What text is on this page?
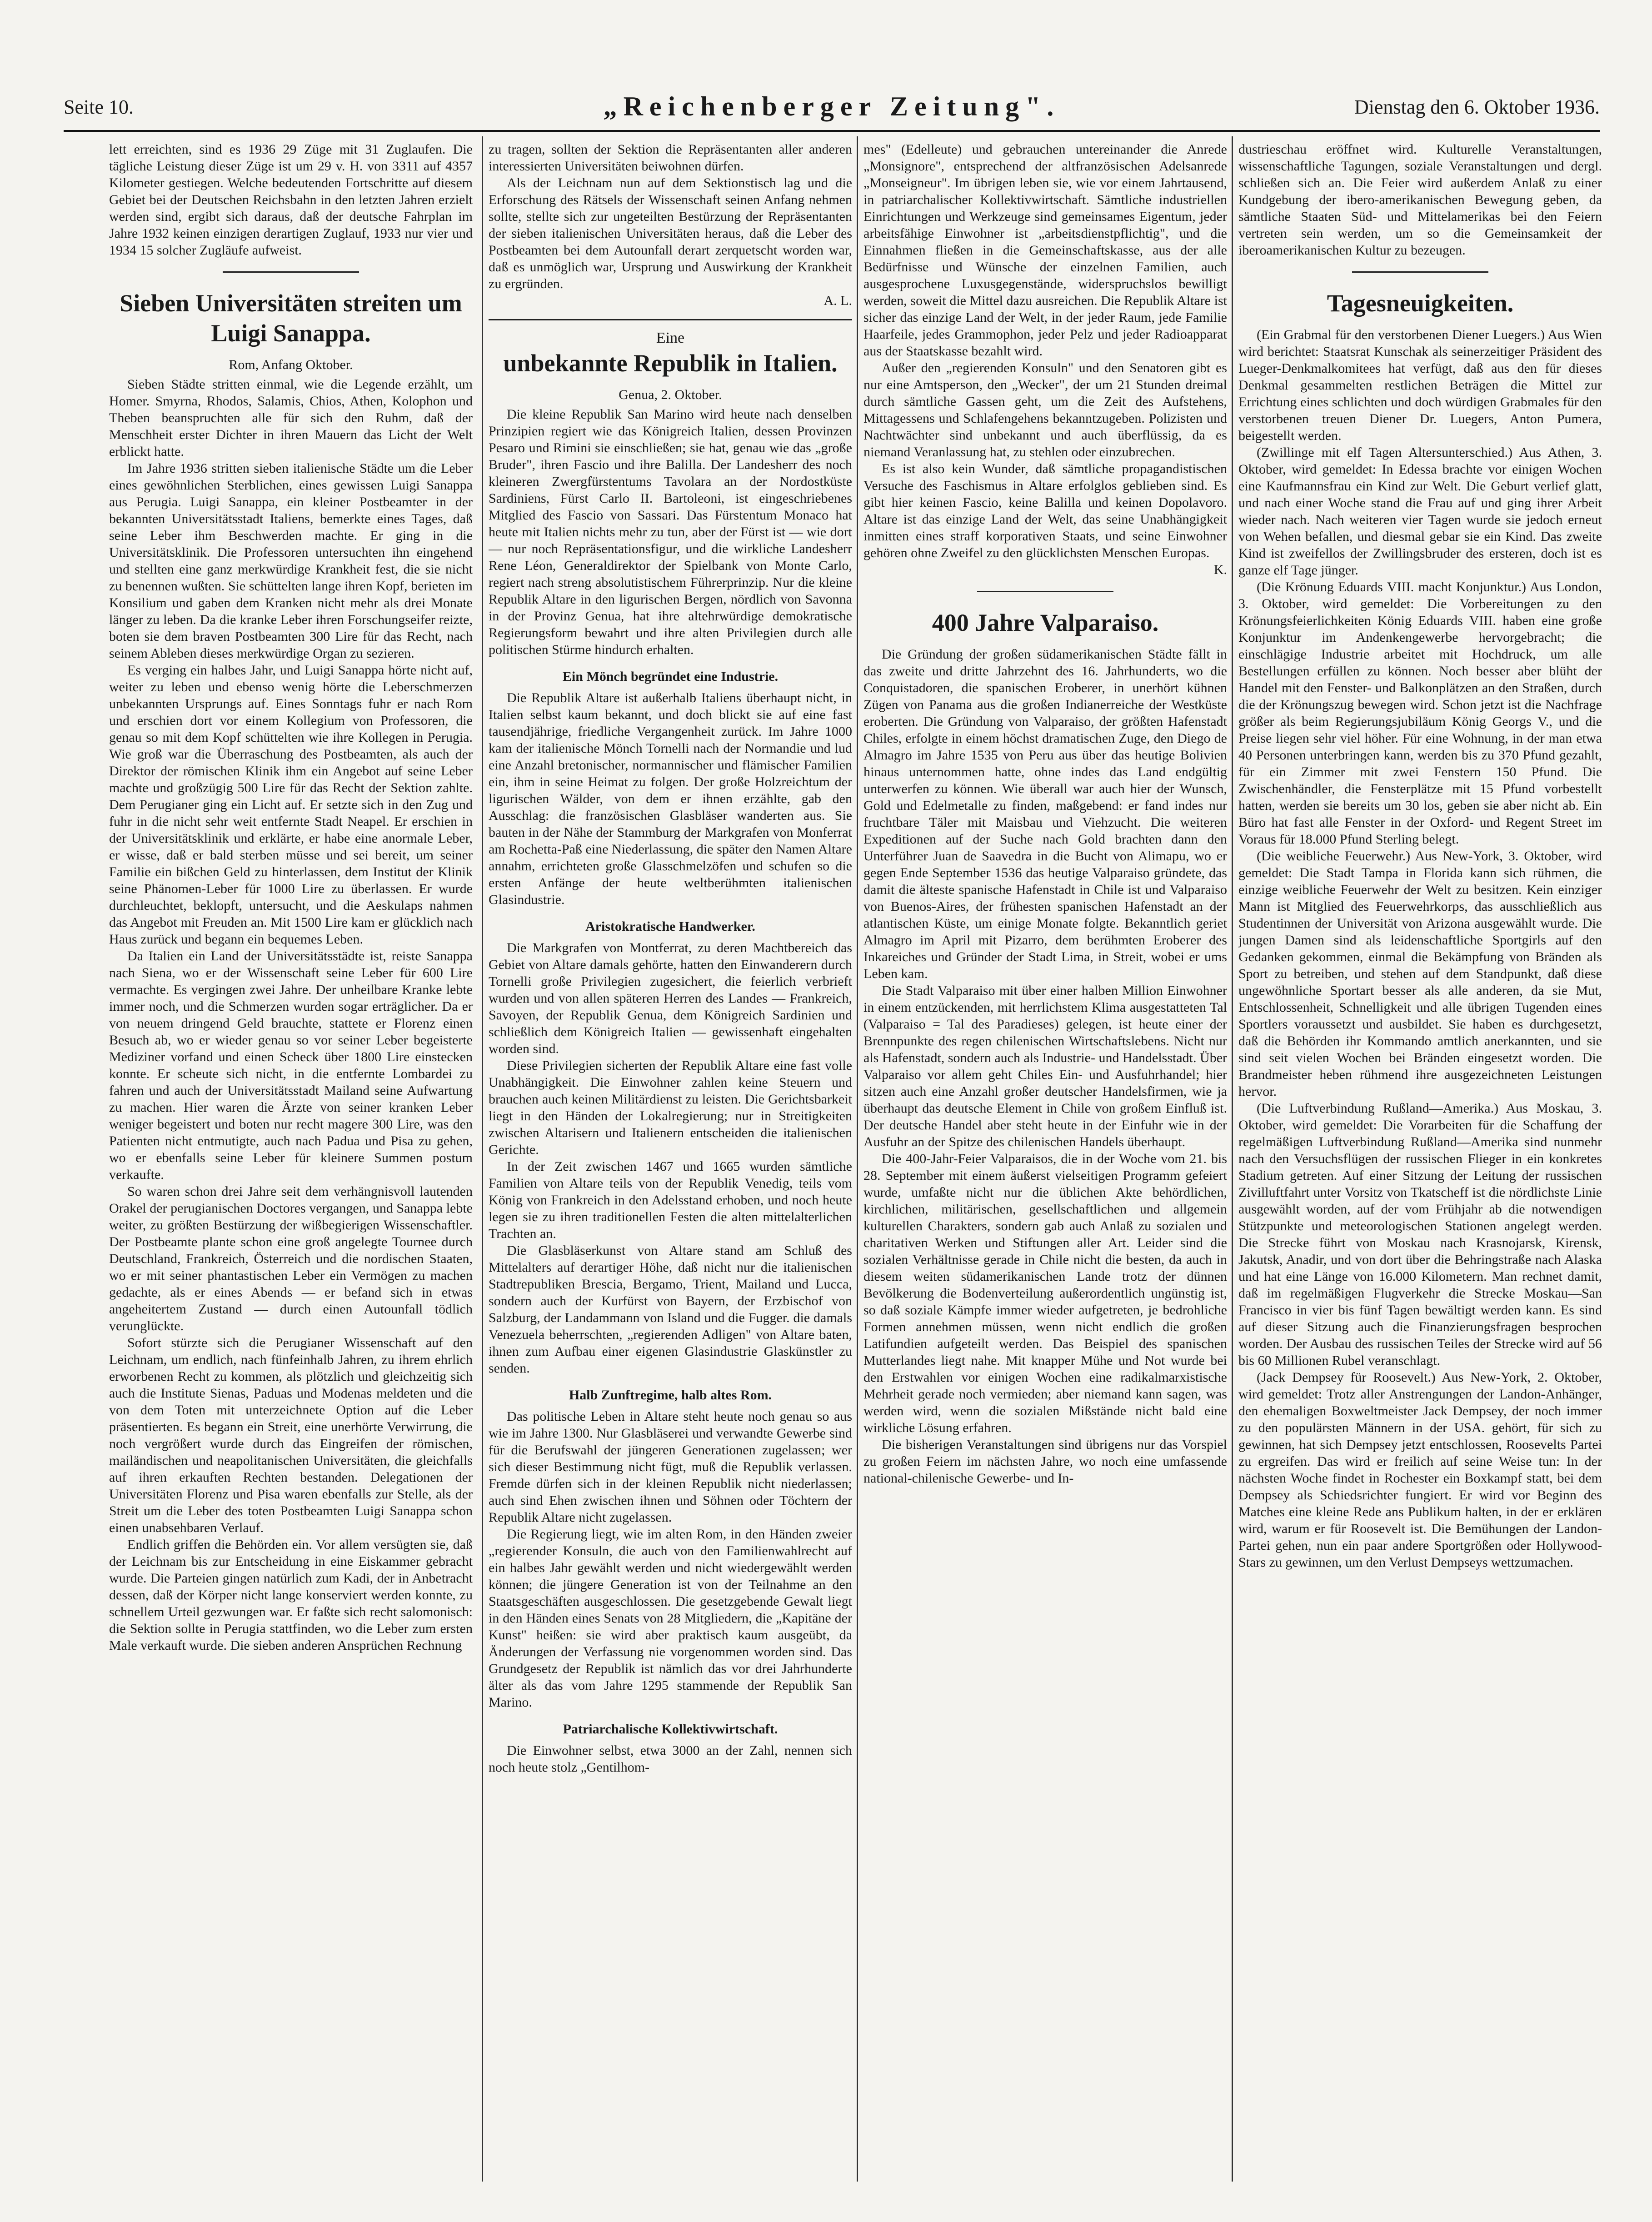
Seite 10.	„Reichenberger Zeitung".	Dienstag den 6. Oktober 1936.

lett erreichten, sind es 1936 29 Züge mit 31 Zuglaufen. Die tägliche Leistung dieser Züge ist um 29 v. H. von 3311 auf 4357 Kilometer gestiegen. Welche bedeutenden Fortschritte auf diesem Gebiet bei der Deutschen Reichsbahn in den letzten Jahren erzielt werden sind, ergibt sich daraus, daß der deutsche Fahrplan im Jahre 1932 keinen einzigen derartigen Zuglauf, 1933 nur vier und 1934 15 solcher Zugläufe aufweist.

Sieben Universitäten streiten um Luigi Sanappa.
Rom, Anfang Oktober.

Sieben Städte stritten einmal, wie die Legende erzählt, um Homer. Smyrna, Rhodos, Salamis, Chios, Athen, Kolophon und Theben beanspruchten alle für sich den Ruhm, daß der Menschheit erster Dichter in ihren Mauern das Licht der Welt erblickt hatte.

Im Jahre 1936 stritten sieben italienische Städte um die Leber eines gewöhnlichen Sterblichen, eines gewissen Luigi Sanappa aus Perugia. Luigi Sanappa, ein kleiner Postbeamter in der bekannten Universitätsstadt Italiens, bemerkte eines Tages, daß seine Leber ihm Beschwerden machte. Er ging in die Universitätsklinik. Die Professoren untersuchten ihn eingehend und stellten eine ganz merkwürdige Krankheit fest, die sie nicht zu benennen wußten. Sie schüttelten lange ihren Kopf, berieten im Konsilium und gaben dem Kranken nicht mehr als drei Monate länger zu leben. Da die kranke Leber ihren Forschungseifer reizte, boten sie dem braven Postbeamten 300 Lire für das Recht, nach seinem Ableben dieses merkwürdige Organ zu sezieren.

Es verging ein halbes Jahr, und Luigi Sanappa hörte nicht auf, weiter zu leben und ebenso wenig hörte die Leberschmerzen unbekannten Ursprungs auf. Eines Sonntags fuhr er nach Rom und erschien dort vor einem Kollegium von Professoren, die genau so mit dem Kopf schüttelten wie ihre Kollegen in Perugia. Wie groß war die Überraschung des Postbeamten, als auch der Direktor der römischen Klinik ihm ein Angebot auf seine Leber machte und großzügig 500 Lire für das Recht der Sektion zahlte. Dem Perugianer ging ein Licht auf. Er setzte sich in den Zug und fuhr in die nicht sehr weit entfernte Stadt Neapel. Er erschien in der Universitätsklinik und erklärte, er habe eine anormale Leber, er wisse, daß er bald sterben müsse und sei bereit, um seiner Familie ein bißchen Geld zu hinterlassen, dem Institut der Klinik seine Phänomen-Leber für 1000 Lire zu überlassen. Er wurde durchleuchtet, beklopft, untersucht, und die Aeskulaps nahmen das Angebot mit Freuden an. Mit 1500 Lire kam er glücklich nach Haus zurück und begann ein bequemes Leben.

Da Italien ein Land der Universitätsstädte ist, reiste Sanappa nach Siena, wo er der Wissenschaft seine Leber für 600 Lire vermachte. Es vergingen zwei Jahre. Der unheilbare Kranke lebte immer noch, und die Schmerzen wurden sogar erträglicher. Da er von neuem dringend Geld brauchte, stattete er Florenz einen Besuch ab, wo er wieder genau so vor seiner Leber begeisterte Mediziner vorfand und einen Scheck über 1800 Lire einstecken konnte. Er scheute sich nicht, in die entfernte Lombardei zu fahren und auch der Universitätsstadt Mailand seine Aufwartung zu machen. Hier waren die Ärzte von seiner kranken Leber weniger begeistert und boten nur recht magere 300 Lire, was den Patienten nicht entmutigte, auch nach Padua und Pisa zu gehen, wo er ebenfalls seine Leber für kleinere Summen postum verkaufte.

So waren schon drei Jahre seit dem verhängnisvoll lautenden Orakel der perugianischen Doctores vergangen, und Sanappa lebte weiter, zu größten Bestürzung der wißbegierigen Wissenschaftler. Der Postbeamte plante schon eine groß angelegte Tournee durch Deutschland, Frankreich, Österreich und die nordischen Staaten, wo er mit seiner phantastischen Leber ein Vermögen zu machen gedachte, als er eines Abends — er befand sich in etwas angeheitertem Zustand — durch einen Autounfall tödlich verunglückte.

Sofort stürzte sich die Perugianer Wissenschaft auf den Leichnam, um endlich, nach fünfeinhalb Jahren, zu ihrem ehrlich erworbenen Recht zu kommen, als plötzlich und gleichzeitig sich auch die Institute Sienas, Paduas und Modenas meldeten und die von dem Toten mit unterzeichnete Option auf die Leber präsentierten. Es begann ein Streit, eine unerhörte Verwirrung, die noch vergrößert wurde durch das Eingreifen der römischen, mailändischen und neapolitanischen Universitäten, die gleichfalls auf ihren erkauften Rechten bestanden. Delegationen der Universitäten Florenz und Pisa waren ebenfalls zur Stelle, als der Streit um die Leber des toten Postbeamten Luigi Sanappa schon einen unabsehbaren Verlauf.

Endlich griffen die Behörden ein. Vor allem versügten sie, daß der Leichnam bis zur Entscheidung in eine Eiskammer gebracht wurde. Die Parteien gingen natürlich zum Kadi, der in Anbetracht dessen, daß der Körper nicht lange konserviert werden konnte, zu schnellem Urteil gezwungen war. Er faßte sich recht salomonisch: die Sektion sollte in Perugia stattfinden, wo die Leber zum ersten Male verkauft wurde. Die sieben anderen Ansprüchen Rechnung

zu tragen, sollten der Sektion die Repräsentanten aller anderen interessierten Universitäten beiwohnen dürfen.

Als der Leichnam nun auf dem Sektionstisch lag und die Erforschung des Rätsels der Wissenschaft seinen Anfang nehmen sollte, stellte sich zur ungeteilten Bestürzung der Repräsentanten der sieben italienischen Universitäten heraus, daß die Leber des Postbeamten bei dem Autounfall derart zerquetscht worden war, daß es unmöglich war, Ursprung und Auswirkung der Krankheit zu ergründen.

A. L.

Eine
unbekannte Republik in Italien.
Genua, 2. Oktober.

Die kleine Republik San Marino wird heute nach denselben Prinzipien regiert wie das Königreich Italien, dessen Provinzen Pesaro und Rimini sie einschließen; sie hat, genau wie das „große Bruder", ihren Fascio und ihre Balilla. Der Landesherr des noch kleineren Zwergfürstentums Tavolara an der Nordostküste Sardiniens, Fürst Carlo II. Bartoleoni, ist eingeschriebenes Mitglied des Fascio von Sassari. Das Fürstentum Monaco hat heute mit Italien nichts mehr zu tun, aber der Fürst ist — wie dort — nur noch Repräsentationsfigur, und die wirkliche Landesherr Rene Léon, Generaldirektor der Spielbank von Monte Carlo, regiert nach streng absolutistischem Führerprinzip. Nur die kleine Republik Altare in den ligurischen Bergen, nördlich von Savonna in der Provinz Genua, hat ihre altehrwürdige demokratische Regierungsform bewahrt und ihre alten Privilegien durch alle politischen Stürme hindurch erhalten.

Ein Mönch begründet eine Industrie.

Die Republik Altare ist außerhalb Italiens überhaupt nicht, in Italien selbst kaum bekannt, und doch blickt sie auf eine fast tausendjährige, friedliche Vergangenheit zurück. Im Jahre 1000 kam der italienische Mönch Tornelli nach der Normandie und lud eine Anzahl bretonischer, normannischer und flämischer Familien ein, ihm in seine Heimat zu folgen. Der große Holzreichtum der ligurischen Wälder, von dem er ihnen erzählte, gab den Ausschlag: die französischen Glasbläser wanderten aus. Sie bauten in der Nähe der Stammburg der Markgrafen von Monferrat am Rochetta-Paß eine Niederlassung, die später den Namen Altare annahm, errichteten große Glasschmelzöfen und schufen so die ersten Anfänge der heute weltberühmten italienischen Glasindustrie.

Aristokratische Handwerker.

Die Markgrafen von Montferrat, zu deren Machtbereich das Gebiet von Altare damals gehörte, hatten den Einwanderern durch Tornelli große Privilegien zugesichert, die feierlich verbrieft wurden und von allen späteren Herren des Landes — Frankreich, Savoyen, der Republik Genua, dem Königreich Sardinien und schließlich dem Königreich Italien — gewissenhaft eingehalten worden sind.

Diese Privilegien sicherten der Republik Altare eine fast volle Unabhängigkeit. Die Einwohner zahlen keine Steuern und brauchen auch keinen Militärdienst zu leisten. Die Gerichtsbarkeit liegt in den Händen der Lokalregierung; nur in Streitigkeiten zwischen Altarisern und Italienern entscheiden die italienischen Gerichte.

In der Zeit zwischen 1467 und 1665 wurden sämtliche Familien von Altare teils von der Republik Venedig, teils vom König von Frankreich in den Adelsstand erhoben, und noch heute legen sie zu ihren traditionellen Festen die alten mittelalterlichen Trachten an.

Die Glasbläserkunst von Altare stand am Schluß des Mittelalters auf derartiger Höhe, daß nicht nur die italienischen Stadtrepubliken Brescia, Bergamo, Trient, Mailand und Lucca, sondern auch der Kurfürst von Bayern, der Erzbischof von Salzburg, der Landammann von Island und die Fugger. die damals Venezuela beherrschten, „regierenden Adligen" von Altare baten, ihnen zum Aufbau einer eigenen Glasindustrie Glaskünstler zu senden.

Halb Zunftregime, halb altes Rom.

Das politische Leben in Altare steht heute noch genau so aus wie im Jahre 1300. Nur Glasbläserei und verwandte Gewerbe sind für die Berufswahl der jüngeren Generationen zugelassen; wer sich dieser Bestimmung nicht fügt, muß die Republik verlassen. Fremde dürfen sich in der kleinen Republik nicht niederlassen; auch sind Ehen zwischen ihnen und Söhnen oder Töchtern der Republik Altare nicht zugelassen.

Die Regierung liegt, wie im alten Rom, in den Händen zweier „regierender Konsuln, die auch von den Familienwahlrecht auf ein halbes Jahr gewählt werden und nicht wiedergewählt werden können; die jüngere Generation ist von der Teilnahme an den Staatsgeschäften ausgeschlossen. Die gesetzgebende Gewalt liegt in den Händen eines Senats von 28 Mitgliedern, die „Kapitäne der Kunst" heißen: sie wird aber praktisch kaum ausgeübt, da Änderungen der Verfassung nie vorgenommen worden sind. Das Grundgesetz der Republik ist nämlich das vor drei Jahrhunderte älter als das vom Jahre 1295 stammende der Republik San Marino.

Patriarchalische Kollektivwirtschaft.

Die Einwohner selbst, etwa 3000 an der Zahl, nennen sich noch heute stolz „Gentilhom-

mes" (Edelleute) und gebrauchen untereinander die Anrede „Monsignore", entsprechend der altfranzösischen Adelsanrede „Monseigneur". Im übrigen leben sie, wie vor einem Jahrtausend, in patriarchalischer Kollektivwirtschaft. Sämtliche industriellen Einrichtungen und Werkzeuge sind gemeinsames Eigentum, jeder arbeitsfähige Einwohner ist „arbeitsdienstpflichtig", und die Einnahmen fließen in die Gemeinschaftskasse, aus der alle Bedürfnisse und Wünsche der einzelnen Familien, auch ausgesprochene Luxusgegenstände, widerspruchslos bewilligt werden, soweit die Mittel dazu ausreichen. Die Republik Altare ist sicher das einzige Land der Welt, in der jeder Raum, jede Familie Haarfeile, jedes Grammophon, jeder Pelz und jeder Radioapparat aus der Staatskasse bezahlt wird.

Außer den „regierenden Konsuln" und den Senatoren gibt es nur eine Amtsperson, den „Wecker", der um 21 Stunden dreimal durch sämtliche Gassen geht, um die Zeit des Aufstehens, Mittagessens und Schlafengehens bekanntzugeben. Polizisten und Nachtwächter sind unbekannt und auch überflüssig, da es niemand Veranlassung hat, zu stehlen oder einzubrechen.

Es ist also kein Wunder, daß sämtliche propagandistischen Versuche des Faschismus in Altare erfolglos geblieben sind. Es gibt hier keinen Fascio, keine Balilla und keinen Dopolavoro. Altare ist das einzige Land der Welt, das seine Unabhängigkeit inmitten eines straff korporativen Staats, und seine Einwohner gehören ohne Zweifel zu den glücklichsten Menschen Europas.

K.

400 Jahre Valparaiso.

Die Gründung der großen südamerikanischen Städte fällt in das zweite und dritte Jahrzehnt des 16. Jahrhunderts, wo die Conquistadoren, die spanischen Eroberer, in unerhört kühnen Zügen von Panama aus die großen Indianerreiche der Westküste eroberten. Die Gründung von Valparaiso, der größten Hafenstadt Chiles, erfolgte in einem höchst dramatischen Zuge, den Diego de Almagro im Jahre 1535 von Peru aus über das heutige Bolivien hinaus unternommen hatte, ohne indes das Land endgültig unterwerfen zu können. Wie überall war auch hier der Wunsch, Gold und Edelmetalle zu finden, maßgebend: er fand indes nur fruchtbare Täler mit Maisbau und Viehzucht. Die weiteren Expeditionen auf der Suche nach Gold brachten dann den Unterführer Juan de Saavedra in die Bucht von Alimapu, wo er gegen Ende September 1536 das heutige Valparaiso gründete, das damit die älteste spanische Hafenstadt in Chile ist und Valparaiso von Buenos-Aires, der frühesten spanischen Hafenstadt an der atlantischen Küste, um einige Monate folgte. Bekanntlich geriet Almagro im April mit Pizarro, dem berühmten Eroberer des Inkareiches und Gründer der Stadt Lima, in Streit, wobei er ums Leben kam.

Die Stadt Valparaiso mit über einer halben Million Einwohner in einem entzückenden, mit herrlichstem Klima ausgestatteten Tal (Valparaiso = Tal des Paradieses) gelegen, ist heute einer der Brennpunkte des regen chilenischen Wirtschaftslebens. Nicht nur als Hafenstadt, sondern auch als Industrie- und Handelsstadt. Über Valparaiso vor allem geht Chiles Ein- und Ausfuhrhandel; hier sitzen auch eine Anzahl großer deutscher Handelsfirmen, wie ja überhaupt das deutsche Element in Chile von großem Einfluß ist. Der deutsche Handel aber steht heute in der Einfuhr wie in der Ausfuhr an der Spitze des chilenischen Handels überhaupt.

Die 400-Jahr-Feier Valparaisos, die in der Woche vom 21. bis 28. September mit einem äußerst vielseitigen Programm gefeiert wurde, umfaßte nicht nur die üblichen Akte behördlichen, kirchlichen, militärischen, gesellschaftlichen und allgemein kulturellen Charakters, sondern gab auch Anlaß zu sozialen und charitativen Werken und Stiftungen aller Art. Leider sind die sozialen Verhältnisse gerade in Chile nicht die besten, da auch in diesem weiten südamerikanischen Lande trotz der dünnen Bevölkerung die Bodenverteilung außerordentlich ungünstig ist, so daß soziale Kämpfe immer wieder aufgetreten, je bedrohliche Formen annehmen müssen, wenn nicht endlich die großen Latifundien aufgeteilt werden. Das Beispiel des spanischen Mutterlandes liegt nahe. Mit knapper Mühe und Not wurde bei den Erstwahlen vor einigen Wochen eine radikalmarxistische Mehrheit gerade noch vermieden; aber niemand kann sagen, was werden wird, wenn die sozialen Mißstände nicht bald eine wirkliche Lösung erfahren.

Die bisherigen Veranstaltungen sind übrigens nur das Vorspiel zu großen Feiern im nächsten Jahre, wo noch eine umfassende national-chilenische Gewerbe- und In-

dustrieschau eröffnet wird. Kulturelle Veranstaltungen, wissenschaftliche Tagungen, soziale Veranstaltungen und dergl. schließen sich an. Die Feier wird außerdem Anlaß zu einer Kundgebung der ibero-amerikanischen Bewegung geben, da sämtliche Staaten Süd- und Mittelamerikas bei den Feiern vertreten sein werden, um so die Gemeinsamkeit der iberoamerikanischen Kultur zu bezeugen.

Tagesneuigkeiten.

(Ein Grabmal für den verstorbenen Diener Luegers.) Aus Wien wird berichtet: Staatsrat Kunschak als seinerzeitiger Präsident des Lueger-Denkmalkomitees hat verfügt, daß aus den für dieses Denkmal gesammelten restlichen Beträgen die Mittel zur Errichtung eines schlichten und doch würdigen Grabmales für den verstorbenen treuen Diener Dr. Luegers, Anton Pumera, beigestellt werden.

(Zwillinge mit elf Tagen Altersunterschied.) Aus Athen, 3. Oktober, wird gemeldet: In Edessa brachte vor einigen Wochen eine Kaufmannsfrau ein Kind zur Welt. Die Geburt verlief glatt, und nach einer Woche stand die Frau auf und ging ihrer Arbeit wieder nach. Nach weiteren vier Tagen wurde sie jedoch erneut von Wehen befallen, und diesmal gebar sie ein Kind. Das zweite Kind ist zweifellos der Zwillingsbruder des ersteren, doch ist es ganze elf Tage jünger.

(Die Krönung Eduards VIII. macht Konjunktur.) Aus London, 3. Oktober, wird gemeldet: Die Vorbereitungen zu den Krönungsfeierlichkeiten König Eduards VIII. haben eine große Konjunktur im Andenkengewerbe hervorgebracht; die einschlägige Industrie arbeitet mit Hochdruck, um alle Bestellungen erfüllen zu können. Noch besser aber blüht der Handel mit den Fenster- und Balkonplätzen an den Straßen, durch die der Krönungszug bewegen wird. Schon jetzt ist die Nachfrage größer als beim Regierungsjubiläum König Georgs V., und die Preise liegen sehr viel höher. Für eine Wohnung, in der man etwa 40 Personen unterbringen kann, werden bis zu 370 Pfund gezahlt, für ein Zimmer mit zwei Fenstern 150 Pfund. Die Zwischenhändler, die Fensterplätze mit 15 Pfund vorbestellt hatten, werden sie bereits um 30 los, geben sie aber nicht ab. Ein Büro hat fast alle Fenster in der Oxford- und Regent Street im Voraus für 18.000 Pfund Sterling belegt.

(Die weibliche Feuerwehr.) Aus New-York, 3. Oktober, wird gemeldet: Die Stadt Tampa in Florida kann sich rühmen, die einzige weibliche Feuerwehr der Welt zu besitzen. Kein einziger Mann ist Mitglied des Feuerwehrkorps, das ausschließlich aus Studentinnen der Universität von Arizona ausgewählt wurde. Die jungen Damen sind als leidenschaftliche Sportgirls auf den Gedanken gekommen, einmal die Bekämpfung von Bränden als Sport zu betreiben, und stehen auf dem Standpunkt, daß diese ungewöhnliche Sportart besser als alle anderen, da sie Mut, Entschlossenheit, Schnelligkeit und alle übrigen Tugenden eines Sportlers voraussetzt und ausbildet. Sie haben es durchgesetzt, daß die Behörden ihr Kommando amtlich anerkannten, und sie sind seit vielen Wochen bei Bränden eingesetzt worden. Die Brandmeister heben rühmend ihre ausgezeichneten Leistungen hervor.

(Die Luftverbindung Rußland—Amerika.) Aus Moskau, 3. Oktober, wird gemeldet: Die Vorarbeiten für die Schaffung der regelmäßigen Luftverbindung Rußland—Amerika sind nunmehr nach den Versuchsflügen der russischen Flieger in ein konkretes Stadium getreten. Auf einer Sitzung der Leitung der russischen Zivilluftfahrt unter Vorsitz von Tkatscheff ist die nördlichste Linie ausgewählt worden, auf der vom Frühjahr ab die notwendigen Stützpunkte und meteorologischen Stationen angelegt werden. Die Strecke führt von Moskau nach Krasnojarsk, Kirensk, Jakutsk, Anadir, und von dort über die Behringstraße nach Alaska und hat eine Länge von 16.000 Kilometern. Man rechnet damit, daß im regelmäßigen Flugverkehr die Strecke Moskau—San Francisco in vier bis fünf Tagen bewältigt werden kann. Es sind auf dieser Sitzung auch die Finanzierungsfragen besprochen worden. Der Ausbau des russischen Teiles der Strecke wird auf 56 bis 60 Millionen Rubel veranschlagt.

(Jack Dempsey für Roosevelt.) Aus New-York, 2. Oktober, wird gemeldet: Trotz aller Anstrengungen der Landon-Anhänger, den ehemaligen Boxweltmeister Jack Dempsey, der noch immer zu den populärsten Männern in der USA. gehört, für sich zu gewinnen, hat sich Dempsey jetzt entschlossen, Roosevelts Partei zu ergreifen. Das wird er freilich auf seine Weise tun: In der nächsten Woche findet in Rochester ein Boxkampf statt, bei dem Dempsey als Schiedsrichter fungiert. Er wird vor Beginn des Matches eine kleine Rede ans Publikum halten, in der er erklären wird, warum er für Roosevelt ist. Die Bemühungen der Landon-Partei gehen, nun ein paar andere Sportgrößen oder Hollywood-Stars zu gewinnen, um den Verlust Dempseys wettzumachen.
